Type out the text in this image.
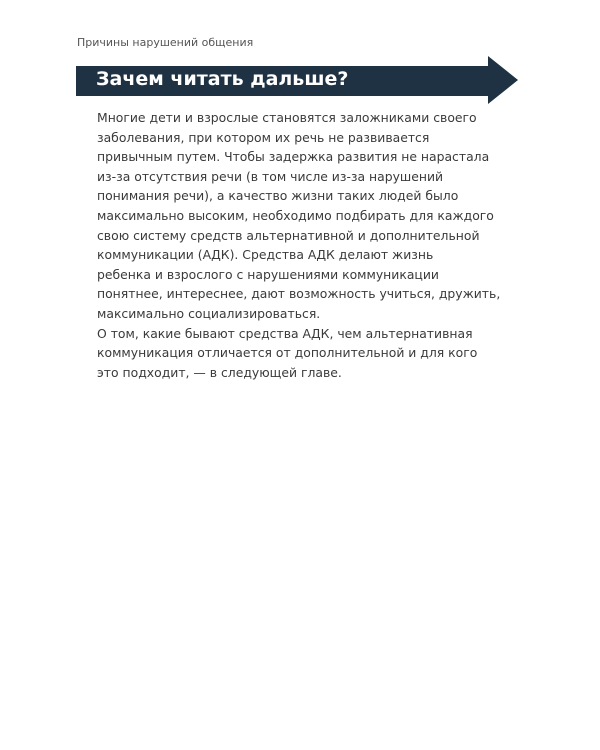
Причины нарушений общения
Зачем читать дальше?
Многие дети и взрослые становятся заложниками своего
заболевания, при котором их речь не развивается
привычным путем. Чтобы задержка развития не нарастала
из-за отсутствия речи (в том числе из-за нарушений
понимания речи), а качество жизни таких людей было
максимально высоким, необходимо подбирать для каждого
свою систему средств альтернативной и дополнительной
коммуникации (АДК). Средства АДК делают жизнь
ребенка и взрослого с нарушениями коммуникации
понятнее, интереснее, дают возможность учиться, дружить,
максимально социализироваться.
О том, какие бывают средства АДК, чем альтернативная
коммуникация отличается от дополнительной и для кого
это подходит, — в следующей главе.
